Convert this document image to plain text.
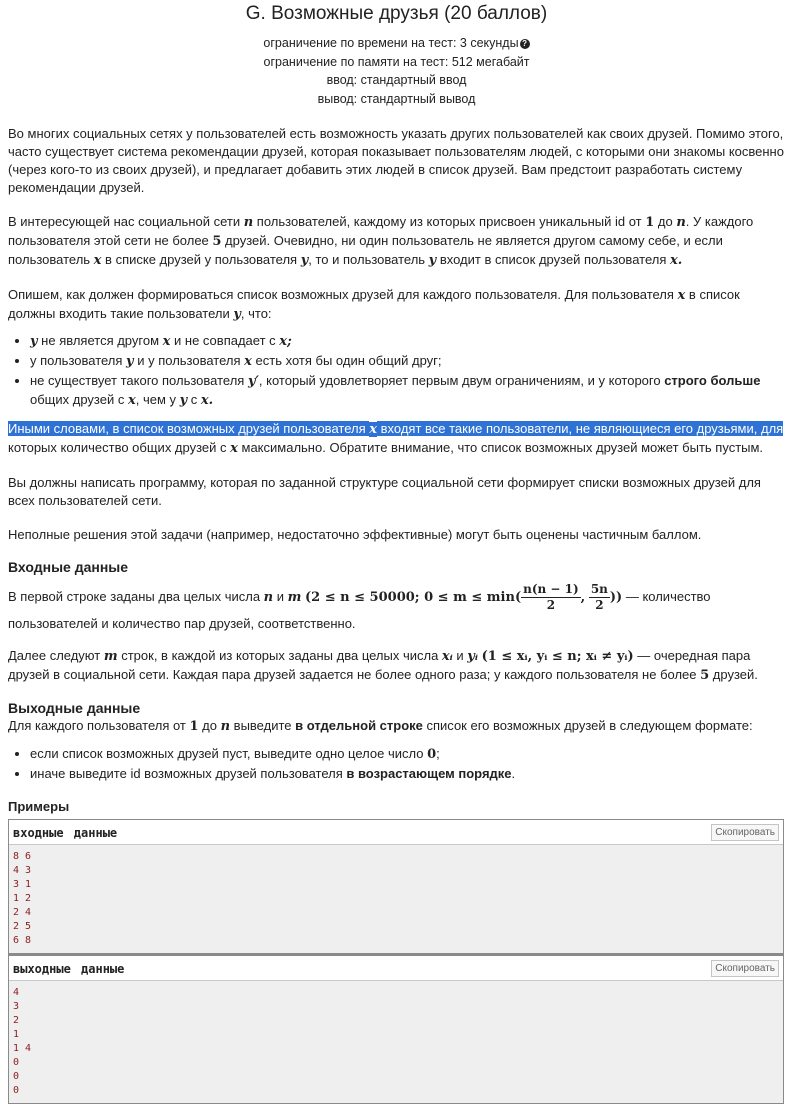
G. Возможные друзья (20 баллов)
ограничение по времени на тест: 3 секунды ?
ограничение по памяти на тест: 512 мегабайт
ввод: стандартный ввод
вывод: стандартный вывод

Во многих социальных сетях у пользователей есть возможность указать других пользователей как своих друзей. Помимо этого, часто существует система рекомендации друзей, которая показывает пользователям людей, с которыми они знакомы косвенно (через кого-то из своих друзей), и предлагает добавить этих людей в список друзей. Вам предстоит разработать систему рекомендации друзей.

В интересующей нас социальной сети n пользователей, каждому из которых присвоен уникальный id от 1 до n. У каждого пользователя этой сети не более 5 друзей. Очевидно, ни один пользователь не является другом самому себе, и если пользователь x в списке друзей у пользователя y, то и пользователь y входит в список друзей пользователя x.

Опишем, как должен формироваться список возможных друзей для каждого пользователя. Для пользователя x в список должны входить такие пользователи y, что:

• y не является другом x и не совпадает с x;
• у пользователя y и у пользователя x есть хотя бы один общий друг;
• не существует такого пользователя y′, который удовлетворяет первым двум ограничениям, и у которого строго больше общих друзей с x, чем у y с x.

Иными словами, в список возможных друзей пользователя x входят все такие пользователи, не являющиеся его друзьями, для которых количество общих друзей с x максимально. Обратите внимание, что список возможных друзей может быть пустым.

Вы должны написать программу, которая по заданной структуре социальной сети формирует списки возможных друзей для всех пользователей сети.

Неполные решения этой задачи (например, недостаточно эффективные) могут быть оценены частичным баллом.

Входные данные

В первой строке заданы два целых числа n и m (2 ≤ n ≤ 50000; $0 \le m \le \min( \frac{n(n - 1)}{2}$ , $\frac{5n}{2}$ )) — количество пользователей и количество пар друзей, соответственно.

Далее следуют m строк, в каждой из которых заданы два целых числа xᵢ и yᵢ (1 ≤ xᵢ, yᵢ ≤ n; xᵢ ≠ yᵢ) — очередная пара друзей в социальной сети. Каждая пара друзей задается не более одного раза; у каждого пользователя не более 5 друзей.

Выходные данные

Для каждого пользователя от 1 до n выведите в отдельной строке список его возможных друзей в следующем формате:

• если список возможных друзей пуст, выведите одно целое число 0;
• иначе выведите id возможных друзей пользователя в возрастающем порядке.
Примеры
входные данные	Скопировать
8 6
4 3
3 1
1 2
2 4
2 5
6 8
выходные данные	Скопировать
4
3
2
1
1 4
0
0
0
